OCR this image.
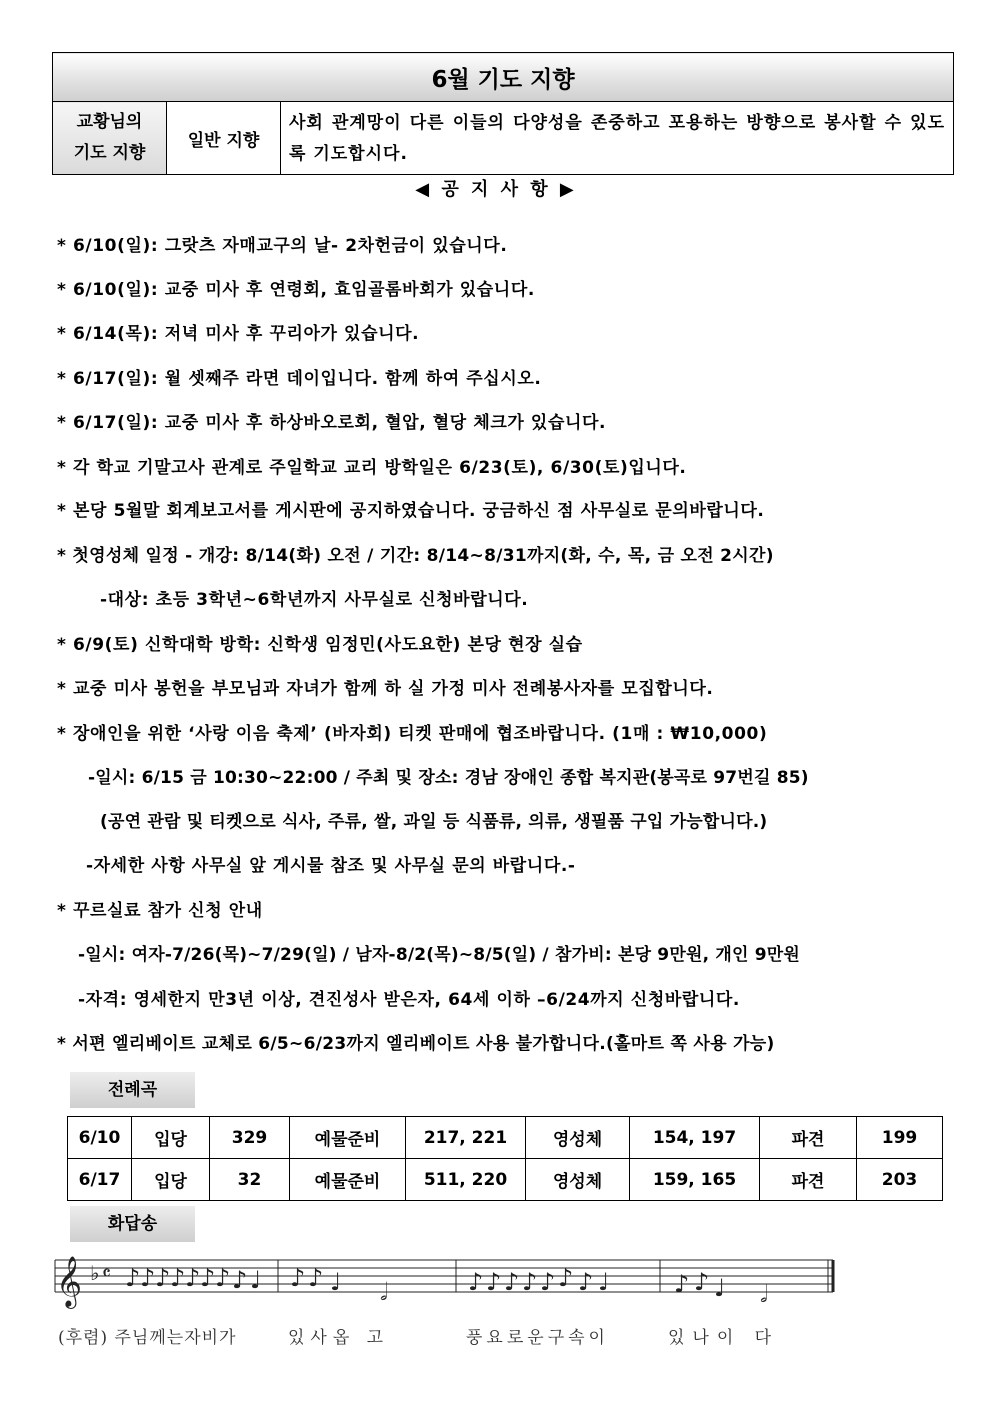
6월 기도 지향

교황님의
기도 지향
	일반 지향	사회 관계망이 다른 이들의 다양성을 존중하고 포용하는 방향으로 봉사할 수 있도록 기도합시다.
◀ 공 지 사 항 ▶
* 6/10(일): 그랏츠 자매교구의 날- 2차헌금이 있습니다.
* 6/10(일): 교중 미사 후 연령회, 효임골롬바회가 있습니다.
* 6/14(목): 저녁 미사 후 꾸리아가 있습니다.
* 6/17(일): 월 셋째주 라면 데이입니다. 함께 하여 주십시오.
* 6/17(일): 교중 미사 후 하상바오로회, 혈압, 혈당 체크가 있습니다.
* 각 학교 기말고사 관계로 주일학교 교리 방학일은 6/23(토), 6/30(토)입니다.
* 본당 5월말 회계보고서를 게시판에 공지하였습니다. 궁금하신 점 사무실로 문의바랍니다.
* 첫영성체 일정 - 개강: 8/14(화) 오전 / 기간: 8/14~8/31까지(화, 수, 목, 금 오전 2시간)
-대상: 초등 3학년~6학년까지 사무실로 신청바랍니다.
* 6/9(토) 신학대학 방학: 신학생 임정민(사도요한) 본당 현장 실습
* 교중 미사 봉헌을 부모님과 자녀가 함께 하 실 가정 미사 전례봉사자를 모집합니다.
* 장애인을 위한 ‘사랑 이음 축제’ (바자회) 티켓 판매에 협조바랍니다. (1매 : ₩10,000)
-일시: 6/15 금 10:30~22:00 / 주최 및 장소: 경남 장애인 종합 복지관(봉곡로 97번길 85)
(공연 관람 및 티켓으로 식사, 주류, 쌀, 과일 등 식품류, 의류, 생필품 구입 가능합니다.)
-자세한 사항 사무실 앞 게시물 참조 및 사무실 문의 바랍니다.-
* 꾸르실료 참가 신청 안내
-일시: 여자-7/26(목)~7/29(일) / 남자-8/2(목)~8/5(일) / 참가비: 본당 9만원, 개인 9만원
-자격: 영세한지 만3년 이상, 견진성사 받은자, 64세 이하 –6/24까지 신청바랍니다.
* 서편 엘리베이트 교체로 6/5~6/23까지 엘리베이트 사용 불가합니다.(홀마트 쪽 사용 가능)
전례곡
6/10	입당	329	예물준비	217, 221	영성체	154, 197	파견	199
6/17	입당	32	예물준비	511, 220	영성체	159, 165	파견	203
화답송
𝄞 ♭ 𝄴 ♪ ♪ ♪ ♪ ♪ ♪ ♪ ♪ ♩ ♪ ♪ ♩ 𝅗𝅥	♪ ♪ ♪ ♪ ♪ ♪ ♪ ♩	♪ ♪ ♩ 𝅗𝅥
(후렴) 주님께는자비가	있사옵 고	풍요로운구속이	있나이 다
